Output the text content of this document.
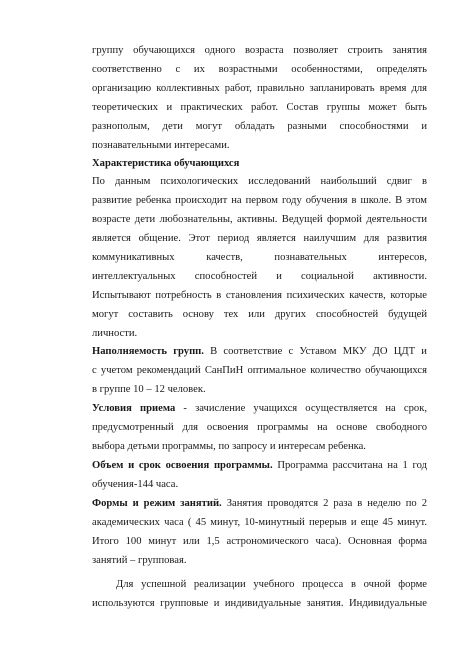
группу обучающихся одного возраста позволяет строить занятия
соответственно с их возрастными особенностями, определять
организацию коллективных работ, правильно запланировать время для
теоретических и практических работ. Состав группы может быть
разнополым, дети могут обладать разными способностями и
познавательными интересами.
Характеристика обучающихся
По данным психологических исследований наибольший сдвиг в
развитие ребенка происходит на первом году обучения в школе. В этом
возрасте дети любознательны, активны. Ведущей формой деятельности
является общение. Этот период является наилучшим для развития
коммуникативных качеств, познавательных интересов,
интеллектуальных способностей и социальной активности.
Испытывают потребность в становления психических качеств, которые
могут составить основу тех или других способностей будущей
личности.
Наполняемость групп. В соответствие с Уставом МКУ ДО ЦДТ и
с учетом рекомендаций СанПиН оптимальное количество обучающихся
в группе 10 – 12 человек.
Условия приема - зачисление учащихся осуществляется на срок,
предусмотренный для освоения программы на основе свободного
выбора детьми программы, по запросу и интересам ребенка.
Объем и срок освоения программы. Программа рассчитана на 1 год
обучения-144 часа.
Формы и режим занятий. Занятия проводятся 2 раза в неделю по 2
академических часа ( 45 минут, 10-минутный перерыв и еще 45 минут.
Итого 100 минут или 1,5 астрономического часа). Основная форма
занятий – групповая.
Для успешной реализации учебного процесса в очной форме
используются групповые и индивидуальные занятия. Индивидуальные
